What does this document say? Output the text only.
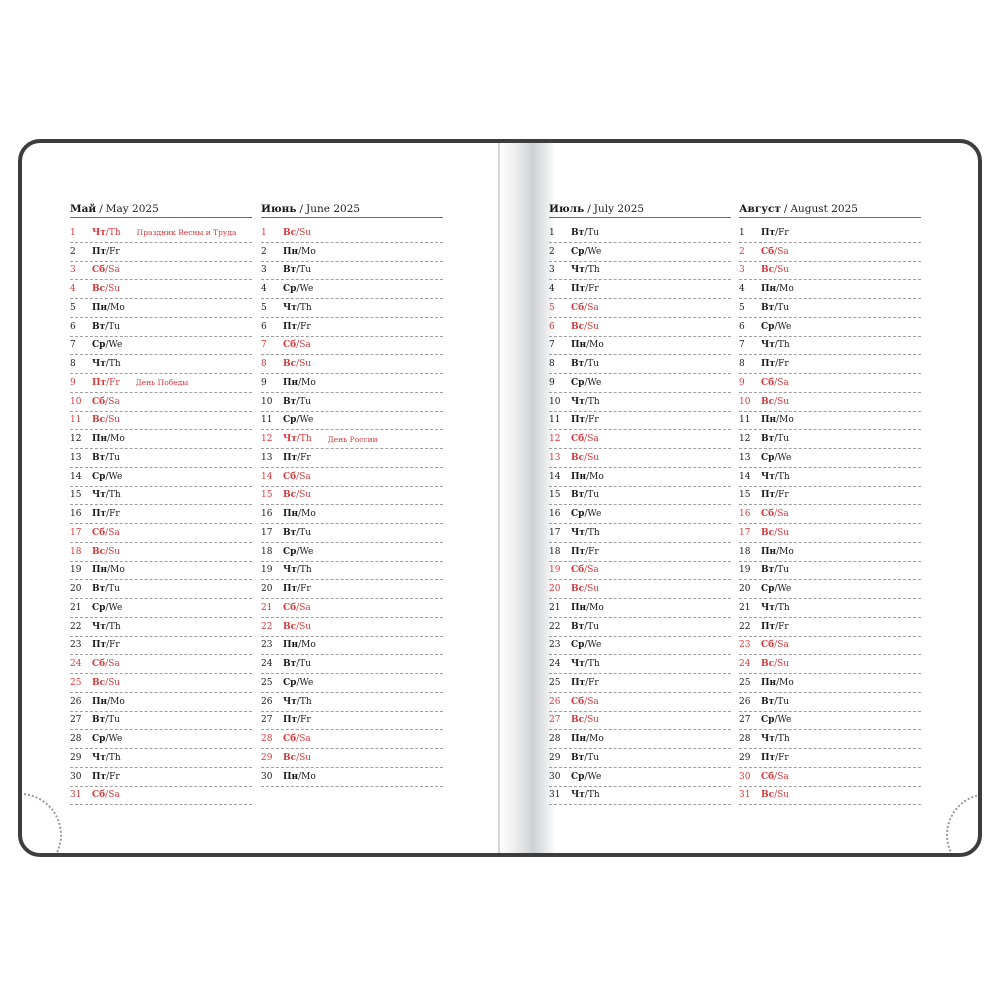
Май / May 2025
1	Чт / Th Праздник Весны и Труда
2	Пт / Fr
3	Сб / Sa
4	Вс / Su
5	Пн / Mo
6	Вт / Tu
7	Ср / We
8	Чт / Th
9	Пт / Fr День Победы
10	Сб / Sa
11	Вс / Su
12	Пн / Mo
13	Вт / Tu
14	Ср / We
15	Чт / Th
16	Пт / Fr
17	Сб / Sa
18	Вс / Su
19	Пн / Mo
20	Вт / Tu
21	Ср / We
22	Чт / Th
23	Пт / Fr
24	Сб / Sa
25	Вс / Su
26	Пн / Mo
27	Вт / Tu
28	Ср / We
29	Чт / Th
30	Пт / Fr
31	Сб / Sa
Июнь / June 2025
1	Вс / Su
2	Пн / Mo
3	Вт / Tu
4	Ср / We
5	Чт / Th
6	Пт / Fr
7	Сб / Sa
8	Вс / Su
9	Пн / Mo
10	Вт / Tu
11	Ср / We
12	Чт / Th День России
13	Пт / Fr
14	Сб / Sa
15	Вс / Su
16	Пн / Mo
17	Вт / Tu
18	Ср / We
19	Чт / Th
20	Пт / Fr
21	Сб / Sa
22	Вс / Su
23	Пн / Mo
24	Вт / Tu
25	Ср / We
26	Чт / Th
27	Пт / Fr
28	Сб / Sa
29	Вс / Su
30	Пн / Mo
Июль / July 2025
1	Вт / Tu
2	Ср / We
3	Чт / Th
4	Пт / Fr
5	Сб / Sa
6	Вс / Su
7	Пн / Mo
8	Вт / Tu
9	Ср / We
10	Чт / Th
11	Пт / Fr
12	Сб / Sa
13	Вс / Su
14	Пн / Mo
15	Вт / Tu
16	Ср / We
17	Чт / Th
18	Пт / Fr
19	Сб / Sa
20	Вс / Su
21	Пн / Mo
22	Вт / Tu
23	Ср / We
24	Чт / Th
25	Пт / Fr
26	Сб / Sa
27	Вс / Su
28	Пн / Mo
29	Вт / Tu
30	Ср / We
31	Чт / Th
Август / August 2025
1	Пт / Fr
2	Сб / Sa
3	Вс / Su
4	Пн / Mo
5	Вт / Tu
6	Ср / We
7	Чт / Th
8	Пт / Fr
9	Сб / Sa
10	Вс / Su
11	Пн / Mo
12	Вт / Tu
13	Ср / We
14	Чт / Th
15	Пт / Fr
16	Сб / Sa
17	Вс / Su
18	Пн / Mo
19	Вт / Tu
20	Ср / We
21	Чт / Th
22	Пт / Fr
23	Сб / Sa
24	Вс / Su
25	Пн / Mo
26	Вт / Tu
27	Ср / We
28	Чт / Th
29	Пт / Fr
30	Сб / Sa
31	Вс / Su
